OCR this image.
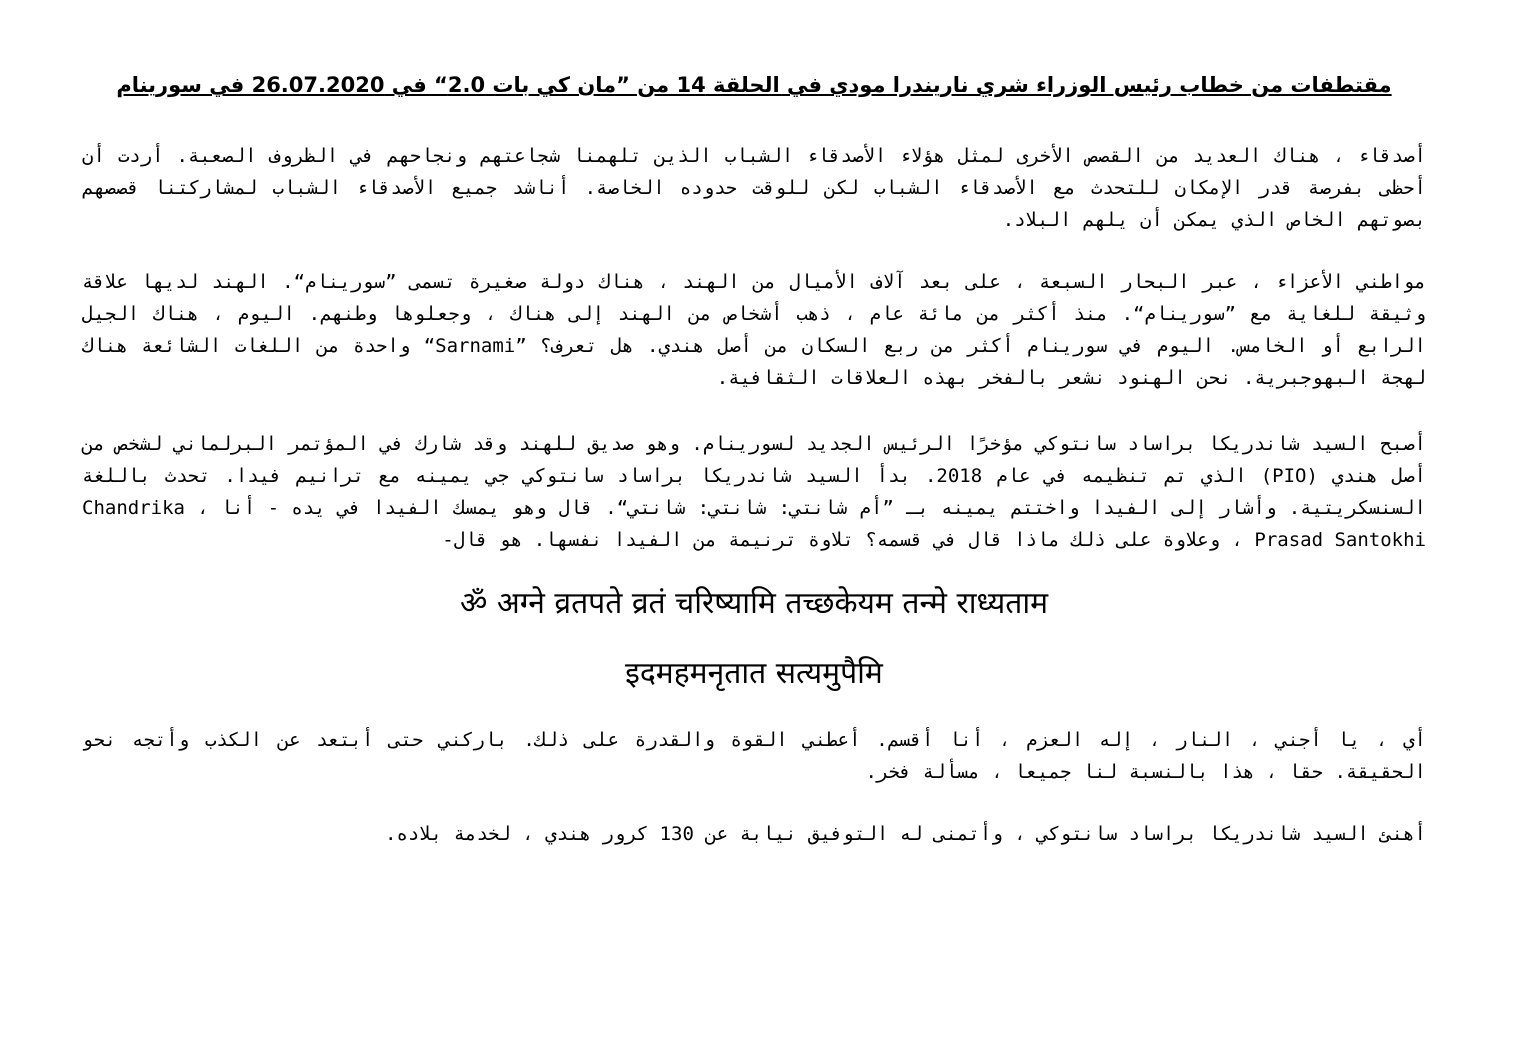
مقتطفات من خطاب رئيس الوزراء شري ناريندرا مودي في الحلقة 14 من ”مان كي بات 2.0“ في 26.07.2020 في سورينام

أصدقاء ، هناك العديد من القصص الأخرى لمثل هؤلاء الأصدقاء الشباب الذين تلهمنا شجاعتهم ونجاحهم في الظروف الصعبة. أردت أن أحظى بفرصة قدر الإمكان للتحدث مع الأصدقاء الشباب لكن للوقت حدوده الخاصة. أناشد جميع الأصدقاء الشباب لمشاركتنا قصصهم بصوتهم الخاص الذي يمكن أن يلهم البلاد.

مواطني الأعزاء ، عبر البحار السبعة ، على بعد آلاف الأميال من الهند ، هناك دولة صغيرة تسمى ”سورينام“. الهند لديها علاقة وثيقة للغاية مع ”سورينام“. منذ أكثر من مائة عام ، ذهب أشخاص من الهند إلى هناك ، وجعلوها وطنهم. اليوم ، هناك الجيل الرابع أو الخامس. اليوم في سورينام أكثر من ربع السكان من أصل هندي. هل تعرف؟ ”Sarnami“ واحدة من اللغات الشائعة هناك لهجة البهوجبرية. نحن الهنود نشعر بالفخر بهذه العلاقات الثقافية.

أصبح السيد شاندريكا براساد سانتوكي مؤخرًا الرئيس الجديد لسورينام. وهو صديق للهند وقد شارك في المؤتمر البرلماني لشخص من أصل هندي (PIO) الذي تم تنظيمه في عام 2018. بدأ السيد شاندريكا براساد سانتوكي جي يمينه مع ترانيم فيدا. تحدث باللغة السنسكريتية. وأشار إلى الفيدا واختتم يمينه بـ ”أم شانتي: شانتي: شانتي“. قال وهو يمسك الفيدا في يده - أنا ، Chandrika Prasad Santokhi ، وعلاوة على ذلك ماذا قال في قسمه؟ تلاوة ترنيمة من الفيدا نفسها. هو قال-

ॐ अग्ने व्रतपते व्रतं चरिष्यामि तच्छकेयम तन्मे राध्यताम

इदमहमनृतात सत्यमुपैमि

أي ، يا أجني ، النار ، إله العزم ، أنا أقسم. أعطني القوة والقدرة على ذلك. باركني حتى أبتعد عن الكذب وأتجه نحو الحقيقة. حقا ، هذا بالنسبة لنا جميعا ، مسألة فخر.

أهنئ السيد شاندريكا براساد سانتوكي ، وأتمنى له التوفيق نيابة عن 130 كرور هندي ، لخدمة بلاده.
